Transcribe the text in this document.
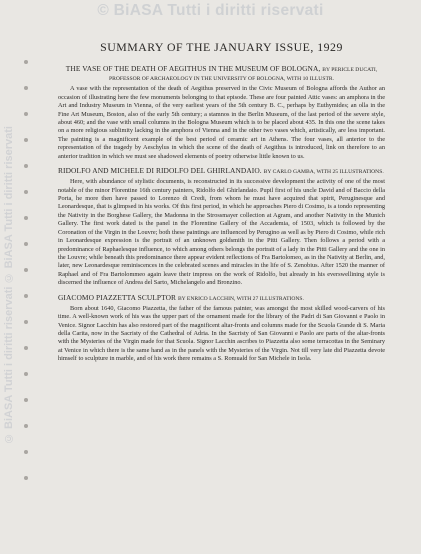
© BiASA Tutti i diritti riservati
© BiASA Tutti i diritti riservati © BiASA Tutti i diritti riservati
SUMMARY OF THE JANUARY ISSUE, 1929

THE VASE OF THE DEATH OF AEGITHUS IN THE MUSEUM OF BOLOGNA, BY PERICLE DUCATI, PROFESSOR OF ARCHAEOLOGY IN THE UNIVERSITY OF BOLOGNA, WITH 10 ILLUSTR.

A vase with the representation of the death of Aegithus preserved in the Civic Museum of Bologna affords the Author an occasion of illustrating here the few monuments belonging to that episode. These are four painted Attic vases: an amphora in the Art and Industry Museum in Vienna, of the very earliest years of the 5th century B. C., perhaps by Euthymides; an olla in the Fine Art Museum, Boston, also of the early 5th century; a stamnos in the Berlin Museum, of the last period of the severe style, about 460; and the vase with small columns in the Bologna Museum which is to be placed about 435. In this one the scene takes on a more religious sublimity lacking in the amphora of Vienna and in the other two vases which, artistically, are less important. The painting is a magnificent example of the best period of ceramic art in Athens. The four vases, all anterior to the representation of the tragedy by Aeschylus in which the scene of the death of Aegithus is introduced, link on therefore to an anterior tradition in which we must see shadowed elements of poetry otherwise little known to us.

RIDOLFO AND MICHELE DI RIDOLFO DEL GHIRLANDAIO. BY CARLO GAMBA, WITH 25 ILLUSTRATIONS.

Here, with abundance of stylistic documents, is reconstructed in its successive development the activity of one of the most notable of the minor Florentine 16th century painters, Ridolfo del Ghirlandaio. Pupil first of his uncle David and of Baccio della Porta, he more then have passed to Lorenzo di Credi, from whom he must have acquired that spirit, Peruginesque and Leonardesque, that is glimpsed in his works. Of this first period, in which he approaches Piero di Cosimo, is a tondo representing the Nativity in the Borghese Gallery, the Madonna in the Strossmayer collection at Agram, and another Nativity in the Munich Gallery. The first work dated is the panel in the Florentine Gallery of the Accademia, of 1503, which is followed by the Coronation of the Virgin in the Louvre; both these paintings are influenced by Perugino as well as by Piero di Cosimo, while rich in Leonardesque expression is the portrait of an unknown goldsmith in the Pitti Gallery. Then follows a period with a predominance of Raphaelesque influence, to which among others belongs the portrait of a lady in the Pitti Gallery and the one in the Louvre; while beneath this predominance there appear evident reflections of Fra Bartolomeo, as in the Nativity at Berlin, and, later, new Leonardesque reminiscences in the celebrated scenes and miracles in the life of S. Zenobius. After 1520 the manner of Raphael and of Fra Bartolommeo again leave their impress on the work of Ridolfo, but already in his everswellining style is discerned the influence of Andrea del Sarto, Michelangelo and Bronzino.

GIACOMO PIAZZETTA SCULPTOR BY ENRICO LACCHIN, WITH 27 ILLUSTRATIONS.

Born about 1640, Giacomo Piazzetta, the father of the famous painter, was amongst the most skilled wood-carvers of his time. A well-known work of his was the upper part of the ornament made for the library of the Padri di San Giovanni e Paolo in Venice. Signor Lacchin has also restored part of the magnificent altar-fronts and columns made for the Scuola Grande di S. Maria della Carita, now in the Sacristy of the Cathedral of Adria. In the Sacristy of San Giovanni e Paolo are parts of the altar-fronts with the Mysteries of the Virgin made for that Scuola. Signor Lacchin ascribes to Piazzetta also some terracottas in the Seminary at Venice in which there is the same hand as in the panels with the Mysteries of the Virgin. Not till very late did Piazzetta devote himself to sculpture in marble, and of his work there remains a S. Romuald for San Michele in Isola.
